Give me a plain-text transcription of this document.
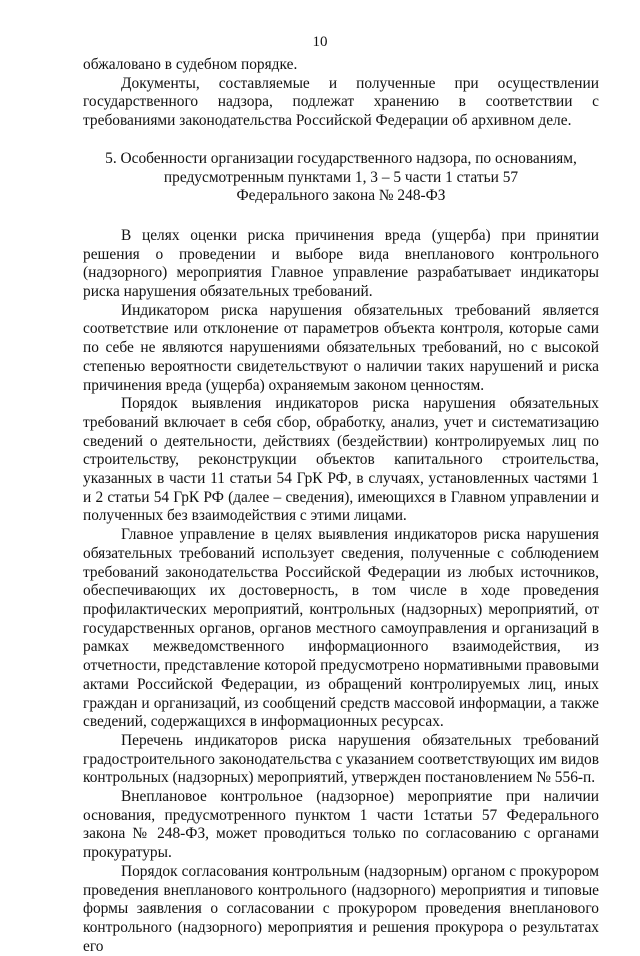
10

обжаловано в судебном порядке.

Документы, составляемые и полученные при осуществлении государственного надзора, подлежат хранению в соответствии с требованиями законодательства Российской Федерации об архивном деле.

5. Особенности организации государственного надзора, по основаниям,
предусмотренным пунктами 1, 3 – 5 части 1 статьи 57
Федерального закона № 248-ФЗ

В целях оценки риска причинения вреда (ущерба) при принятии решения о проведении и выборе вида внепланового контрольного (надзорного) мероприятия Главное управление разрабатывает индикаторы риска нарушения обязательных требований.

Индикатором риска нарушения обязательных требований является соответствие или отклонение от параметров объекта контроля, которые сами по себе не являются нарушениями обязательных требований, но с высокой степенью вероятности свидетельствуют о наличии таких нарушений и риска причинения вреда (ущерба) охраняемым законом ценностям.

Порядок выявления индикаторов риска нарушения обязательных требований включает в себя сбор, обработку, анализ, учет и систематизацию сведений о деятельности, действиях (бездействии) контролируемых лиц по строительству, реконструкции объектов капитального строительства, указанных в части 11 статьи 54 ГрК РФ, в случаях, установленных частями 1 и 2 статьи 54 ГрК РФ (далее – сведения), имеющихся в Главном управлении и полученных без взаимодействия с этими лицами.

Главное управление в целях выявления индикаторов риска нарушения обязательных требований использует сведения, полученные с соблюдением требований законодательства Российской Федерации из любых источников, обеспечивающих их достоверность, в том числе в ходе проведения профилактических мероприятий, контрольных (надзорных) мероприятий, от государственных органов, органов местного самоуправления и организаций в рамках межведомственного информационного взаимодействия, из отчетности, представление которой предусмотрено нормативными правовыми актами Российской Федерации, из обращений контролируемых лиц, иных граждан и организаций, из сообщений средств массовой информации, а также сведений, содержащихся в информационных ресурсах.

Перечень индикаторов риска нарушения обязательных требований градостроительного законодательства с указанием соответствующих им видов контрольных (надзорных) мероприятий, утвержден постановлением № 556-п.

Внеплановое контрольное (надзорное) мероприятие при наличии основания, предусмотренного пунктом 1 части 1статьи 57 Федерального закона № 248-ФЗ, может проводиться только по согласованию с органами прокуратуры.

Порядок согласования контрольным (надзорным) органом с прокурором проведения внепланового контрольного (надзорного) мероприятия и типовые формы заявления о согласовании с прокурором проведения внепланового контрольного (надзорного) мероприятия и решения прокурора о результатах его
